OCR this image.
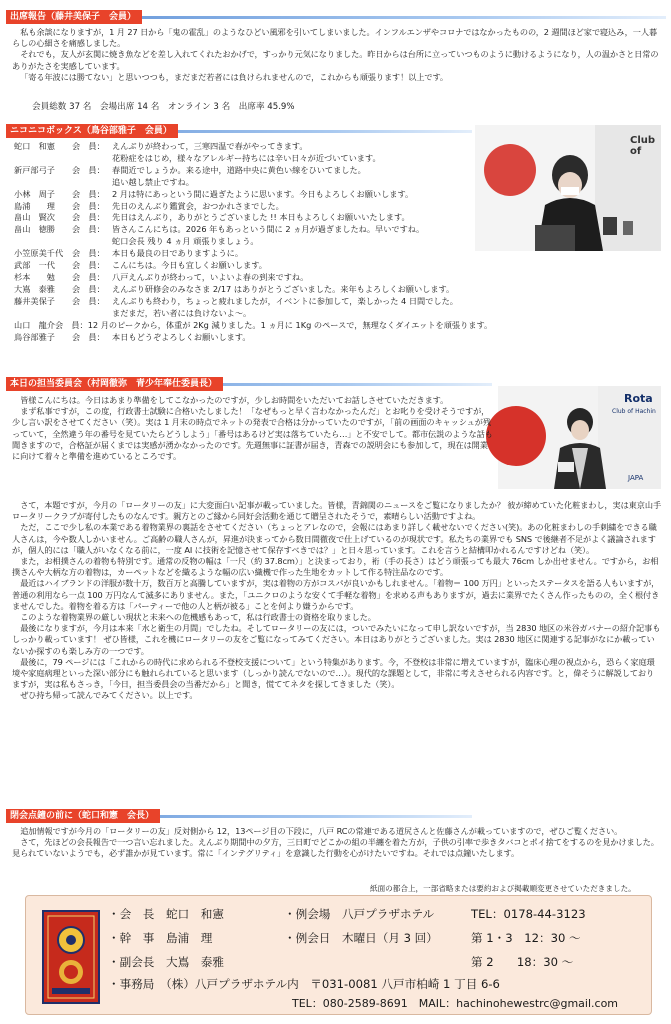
出席報告（藤井美保子　会員）

私も余談になりますが，1 月 27 日から「鬼の霍乱」のようなひどい風邪を引いてしまいました。インフルエンザやコロナではなかったものの，2 週間ほど家で寝込み，一人暮らしの心細さを痛感しました。

それでも，友人が玄関に焼き魚などを差し入れてくれたおかげで，すっかり元気になりました。昨日からは台所に立っていつものように動けるようになり，人の温かさと日常のありがたさを実感しています。

「寄る年波には勝てない」と思いつつも，まだまだ若者には負けられませんので，これからも頑張ります！以上です。

会員総数 37 名　会場出席 14 名　オンライン 3 名　出席率 45.9%
ニコニコボックス（鳥谷部雅子　会員）
Club of
蛇口　和憲	会　員： えんぶりが終わって，三寒四温で春がやってきます。
花粉症をはじめ，様々なアレルギー持ちには辛い日々が近づいています。
新戸部弓子	会　員： 春間近でしょうか。来る途中，道路中央に黄色い線をひいてました。
追い越し禁止ですね。
小林　周子	会　員： 2 月は特にあっという間に過ぎたように思います。今日もよろしくお願いします。
島浦　　理	会　員： 先日のえんぶり鑑賞会，おつかれさまでした。
畠山　賢次	会　員： 先日はえんぶり，ありがとうございました !! 本日もよろしくお願いいたします。
畠山　徳勝	会　員： 皆さんこんにちは。2026 年もあっという間に 2 ヵ月が過ぎましたね。早いですね。
蛇口会長 残り 4 ヵ月 頑張りましょう。
小笠原美千代	会　員： 本日も最良の日でありますように。
武部　一代	会　員： こんにちは。今日も宜しくお願いします。
杉本　　勉	会　員： 八戸えんぶりが終わって，いよいよ春の到来ですね。
大嶌　泰雅	会　員： えんぶり研修会のみなさま 2/17 はありがとうございました。来年もよろしくお願いします。
藤井美保子	会　員： えんぶりも終わり，ちょっと疲れましたが，イベントに参加して，楽しかった 4 日間でした。
まだまだ，若い者には負けないよ～。
山口　龍介 会　員： 12 月のピークから，体重が 2Kg 減りました。1 ヵ月に 1Kg のペースで，無理なくダイエットを頑張ります。
鳥谷部雅子	会　員： 本日もどうぞよろしくお願いします。
本日の担当委員会（村岡徹弥　青少年奉仕委員長）
Rota
Club of Hachin
JAPA

皆様こんにちは。今日はあまり準備をしてこなかったのですが，少しお時間をいただいてお話しさせていただきます。

まず私事ですが，この度，行政書士試験に合格いたしました！「なぜもっと早く言わなかったんだ」とお叱りを受けそうですが，少し言い訳をさせてください（笑）。実は 1 月末の時点でネットの発表で合格は分かっていたのですが，「前の画面のキャッシュが残っていて，全然違う年の番号を見ていたらどうしよう」「番号はあるけど実は落ちていたら…」と不安でして。都市伝説のような話も聞きますので，合格証が届くまでは実感が湧かなかったのです。先週無事に証書が届き，青森での説明会にも参加して，現在は開業に向けて着々と準備を進めているところです。

さて，本題ですが，今月の「ロータリーの友」に大変面白い記事が載っていました。皆様，青錦関のニュースをご覧になりましたか？ 彼が締めていた化粧まわし，実は東京山手ロータリークラブが寄付したものなんです。親方とのご縁から同好会活動を通じて贈呈されたそうで，素晴らしい活動ですよね。

ただ，ここで少し私の本業である着物業界の裏話をさせてください（ちょっとアレなので，会報にはあまり詳しく載せないでください(笑)。あの化粧まわしの手刺繍をできる職人さんは，今や数人しかいません。ご高齢の職人さんが，昇進が決まってから数日間徹夜で仕上げているのが現状です。私たちの業界でも SNS で後継者不足がよく議論されますが，個人的には「職人がいなくなる前に，一度 AI に技術を記憶させて保存すべきでは？」と日々思っています。これを言うと結構叩かれるんですけどね（笑）。

また，お相撲さんの着物も特別です。通常の反物の幅は「一尺（約 37.8cm）」と決まっており，裄（手の長さ）はどう頑張っても最大 76cm しか出せません。ですから，お相撲さんや大柄な方の着物は，カーペットなどを織るような幅の広い織機で作った生地をカットして作る特注品なのです。

最近はハイブランドの洋服が数十万，数百万と高騰していますが，実は着物の方がコスパが良いかもしれません。「着物＝ 100 万円」といったステータスを語る人もいますが，普通の利用なら一点 100 万円なんて滅多にありません。また，「ユニクロのような安くて手軽な着物」を求める声もありますが，過去に業界でたくさん作ったものの，全く根付きませんでした。着物を着る方は「パーティーで他の人と柄が被る」ことを何より嫌うからです。

このような着物業界の厳しい現状と未来への危機感もあって，私は行政書士の資格を取りました。

最後になりますが，今月は本来「水と衛生の月間」でしたね。そしてロータリーの友には，ついでみたいになって申し訳ないですが，当 2830 地区の米谷ガバナーの紹介記事もしっかり載っています！ ぜひ皆様，これを機にロータリーの友をご覧になってみてください。本日はありがとうございました。実は 2830 地区に関連する記事がなにか載っていないか探すのも楽しみ方の一つです。

最後に，79 ページには「これからの時代に求められる不登校支援について」という特集があります。今，不登校は非常に増えていますが，臨床心理の視点から，恐らく家庭環境や家庭病理といった深い部分にも触れられていると思います（しっかり読んでないので…）。現代的な課題として，非常に考えさせられる内容です。と，偉そうに解説しておりますが，実は私もさっき，「今日，担当委員会の当番だから」と聞き，慌ててネタを探してきました（笑）。

ぜひ持ち帰って読んでみてください。以上です。

閉会点鐘の前に（蛇口和憲　会長）

追加情報ですが今月の「ロータリーの友」反対側から 12，13ページ目の下段に，八戸 RCの常連である道尻さんと佐藤さんが載っていますので，ぜひご覧ください。

さて，先ほどの会長報告で一つ言い忘れました。えんぶり期間中の夕方，三日町でどこかの組の半纏を着た方が，子供の引率で歩きタバコとポイ捨てをするのを見かけました。見られていないようでも，必ず誰かが見ています。常に「インテグリティ」を意識した行動を心がけたいですね。それでは点鐘いたします。

紙面の都合上，一部省略または要約および掲載順変更させていただきました。
・会　長　蛇口　和憲
・幹　事　島浦　理
・副会長　大嶌　泰雅
・事務局　（株）八戸プラザホテル内　〒031-0081 八戸市柏崎 1 丁目 6-6
・例会場　八戸プラザホテル	TEL：0178-44-3123
・例会日　木曜日（月 3 回）	第 1・3　12：30 ～
第 2　　18：30 ～
TEL：080-2589-8691　MAIL：hachinohewestrc@gmail.com
